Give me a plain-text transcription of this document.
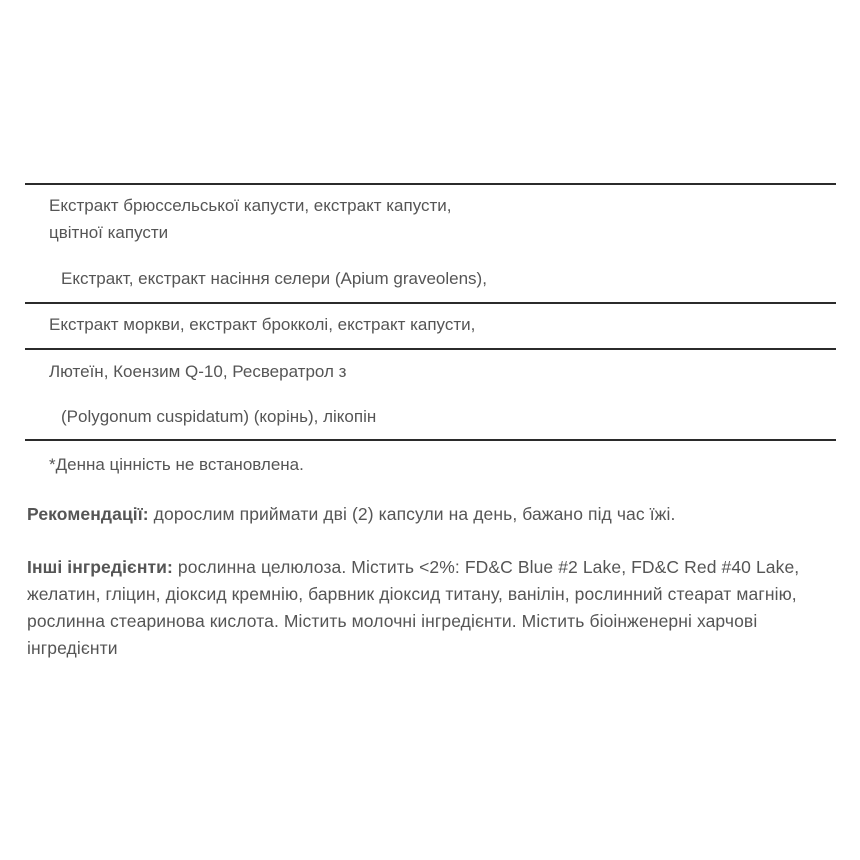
Екстракт брюссельської капусти, екстракт капусти,
цвітної капусти
Екстракт, екстракт насіння селери (Apium graveolens),
Екстракт моркви, екстракт брокколі, екстракт капусти,
Лютеїн, Коензим Q-10, Ресвератрол з
(Polygonum cuspidatum) (корінь), лікопін
*Денна цінність не встановлена.
Рекомендації: дорослим приймати дві (2) капсули на день, бажано під час їжі.
Інші інгредієнти: рослинна целюлоза. Містить <2%: FD&C Blue #2 Lake, FD&C Red #40 Lake, желатин, гліцин, діоксид кремнію, барвник діоксид титану, ванілін, рослинний стеарат магнію, рослинна стеаринова кислота. Містить молочні інгредієнти. Містить біоінженерні харчові інгредієнти
